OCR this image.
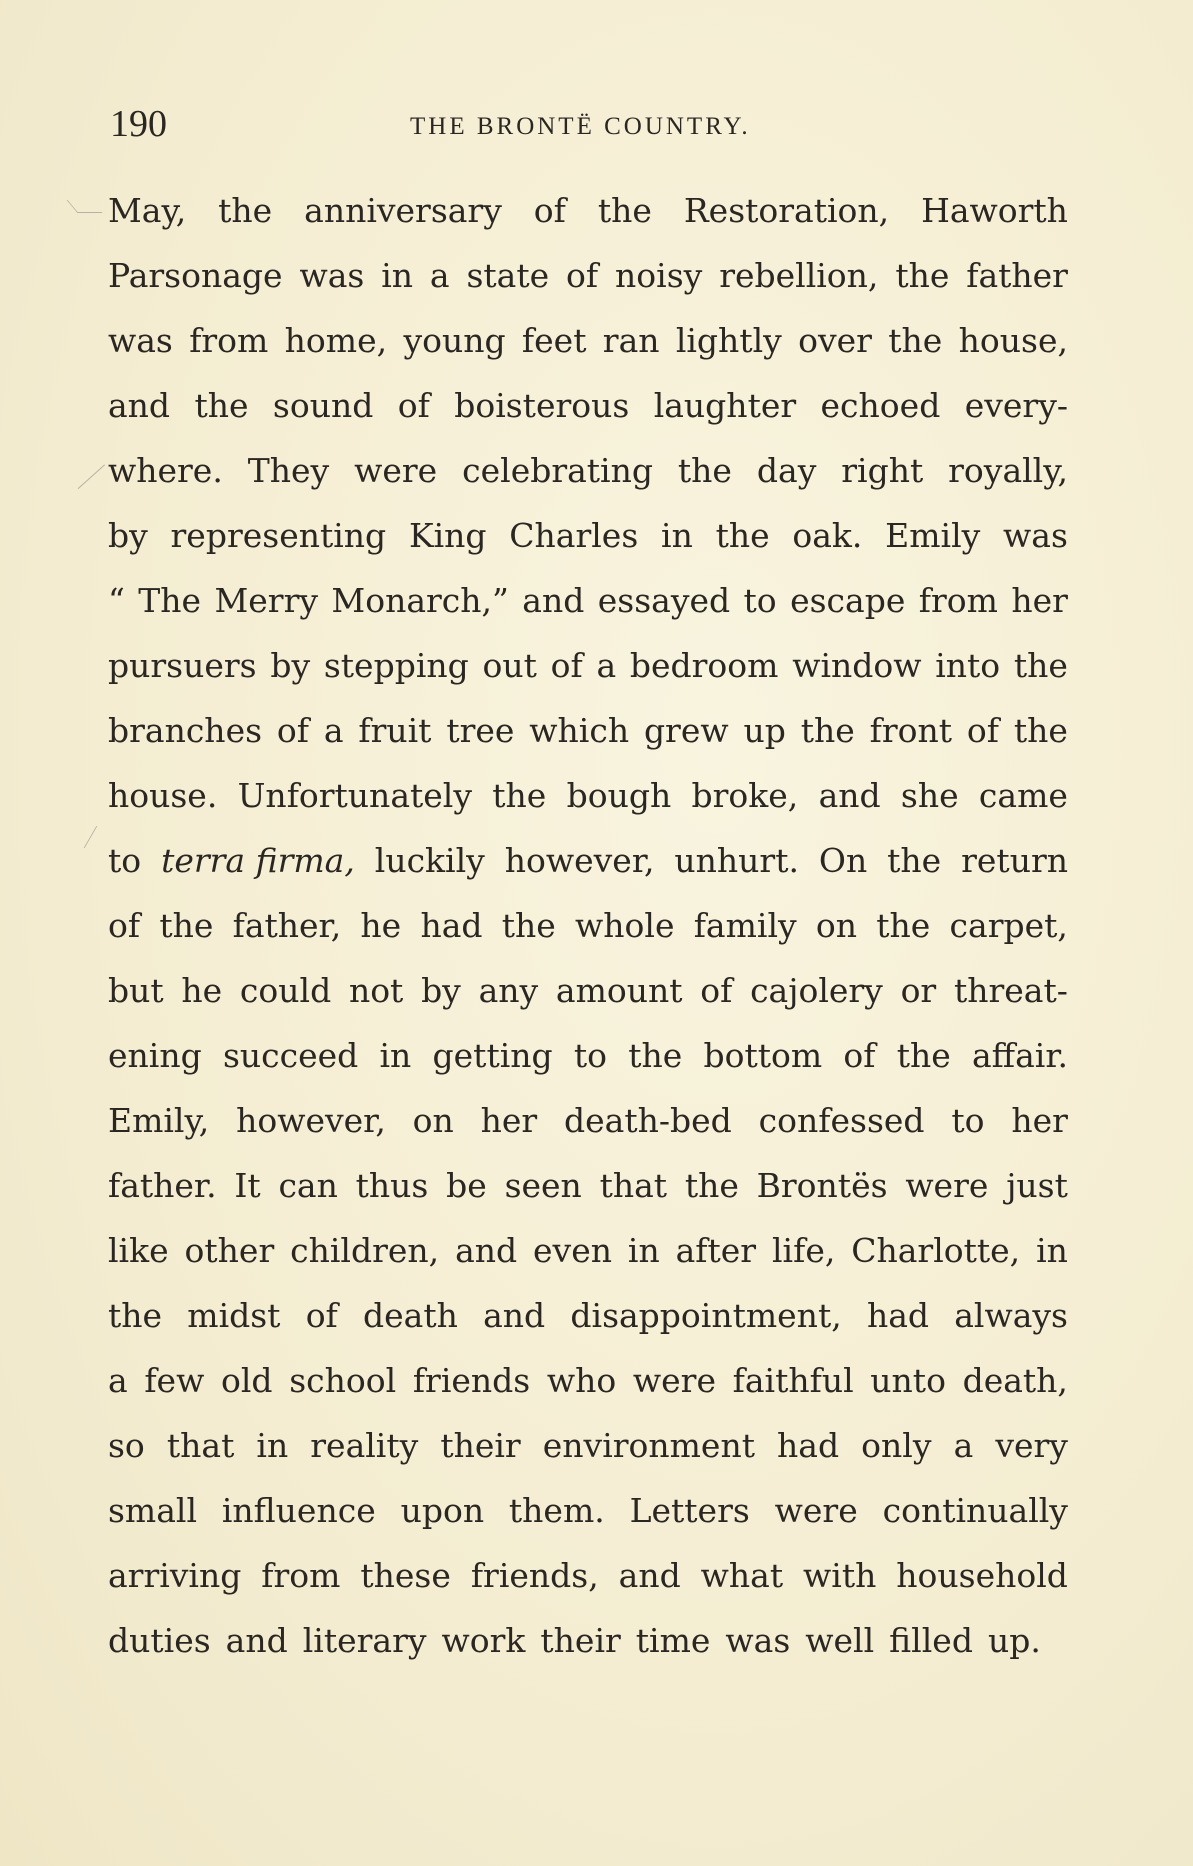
190	THE BRONTË COUNTRY.
May, the anniversary of the Restoration, Haworth
Parsonage was in a state of noisy rebellion, the father
was from home, young feet ran lightly over the house,
and the sound of boisterous laughter echoed every-
where. They were celebrating the day right royally,
by representing King Charles in the oak. Emily was
“ The Merry Monarch,” and essayed to escape from her
pursuers by stepping out of a bedroom window into the
branches of a fruit tree which grew up the front of the
house. Unfortunately the bough broke, and she came
to terra firma, luckily however, unhurt. On the return
of the father, he had the whole family on the carpet,
but he could not by any amount of cajolery or threat-
ening succeed in getting to the bottom of the affair.
Emily, however, on her death-bed confessed to her
father. It can thus be seen that the Brontës were just
like other children, and even in after life, Charlotte, in
the midst of death and disappointment, had always
a few old school friends who were faithful unto death,
so that in reality their environment had only a very
small influence upon them. Letters were continually
arriving from these friends, and what with household
duties and literary work their time was well filled up.
